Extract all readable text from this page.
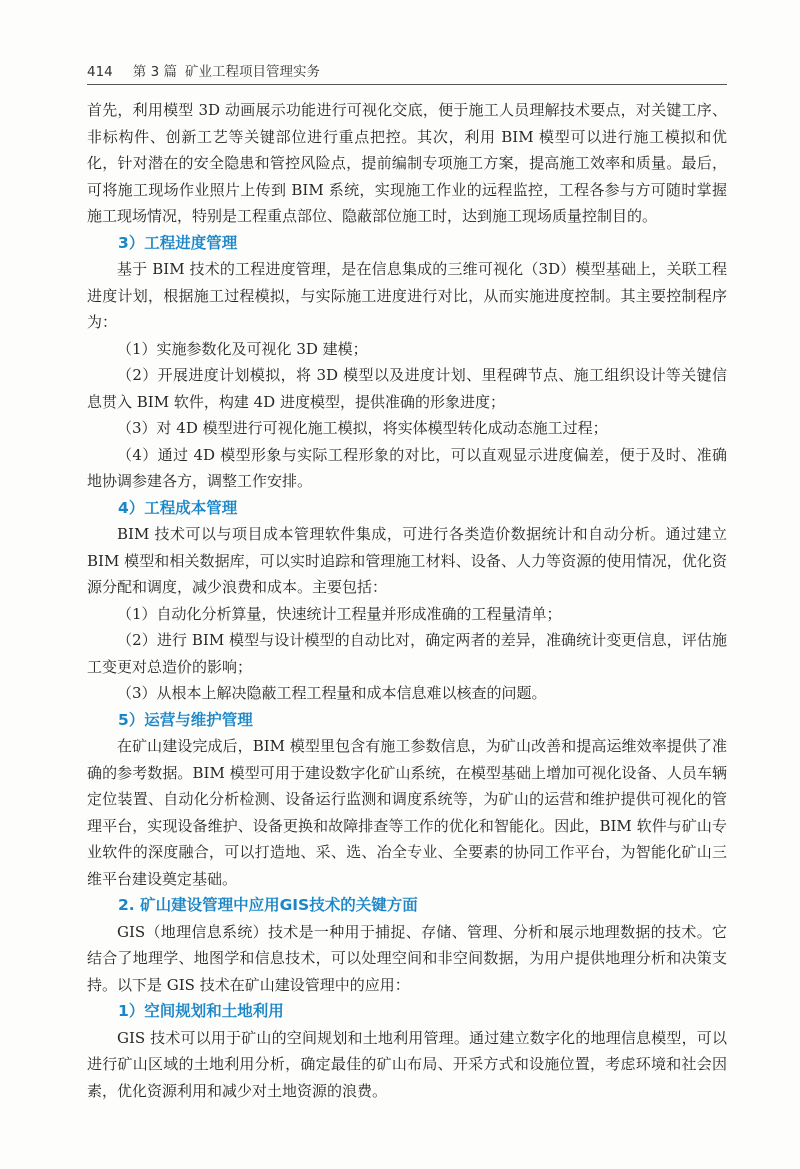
414 第 3 篇 矿业工程项目管理实务

首先，利用模型 3D 动画展示功能进行可视化交底，便于施工人员理解技术要点，对关键工序、非标构件、创新工艺等关键部位进行重点把控。其次，利用 BIM 模型可以进行施工模拟和优化，针对潜在的安全隐患和管控风险点，提前编制专项施工方案，提高施工效率和质量。最后，可将施工现场作业照片上传到 BIM 系统，实现施工作业的远程监控，工程各参与方可随时掌握施工现场情况，特别是工程重点部位、隐蔽部位施工时，达到施工现场质量控制目的。

3）工程进度管理

基于 BIM 技术的工程进度管理，是在信息集成的三维可视化（3D）模型基础上，关联工程进度计划，根据施工过程模拟，与实际施工进度进行对比，从而实施进度控制。其主要控制程序为：

（1）实施参数化及可视化 3D 建模；

（2）开展进度计划模拟，将 3D 模型以及进度计划、里程碑节点、施工组织设计等关键信息贯入 BIM 软件，构建 4D 进度模型，提供准确的形象进度；

（3）对 4D 模型进行可视化施工模拟，将实体模型转化成动态施工过程；

（4）通过 4D 模型形象与实际工程形象的对比，可以直观显示进度偏差，便于及时、准确地协调参建各方，调整工作安排。

4）工程成本管理

BIM 技术可以与项目成本管理软件集成，可进行各类造价数据统计和自动分析。通过建立 BIM 模型和相关数据库，可以实时追踪和管理施工材料、设备、人力等资源的使用情况，优化资源分配和调度，减少浪费和成本。主要包括：

（1）自动化分析算量，快速统计工程量并形成准确的工程量清单；

（2）进行 BIM 模型与设计模型的自动比对，确定两者的差异，准确统计变更信息，评估施工变更对总造价的影响；

（3）从根本上解决隐蔽工程工程量和成本信息难以核查的问题。

5）运营与维护管理

在矿山建设完成后，BIM 模型里包含有施工参数信息，为矿山改善和提高运维效率提供了准确的参考数据。BIM 模型可用于建设数字化矿山系统，在模型基础上增加可视化设备、人员车辆定位装置、自动化分析检测、设备运行监测和调度系统等，为矿山的运营和维护提供可视化的管理平台，实现设备维护、设备更换和故障排查等工作的优化和智能化。因此，BIM 软件与矿山专业软件的深度融合，可以打造地、采、选、冶全专业、全要素的协同工作平台，为智能化矿山三维平台建设奠定基础。

2. 矿山建设管理中应用GIS技术的关键方面

GIS（地理信息系统）技术是一种用于捕捉、存储、管理、分析和展示地理数据的技术。它结合了地理学、地图学和信息技术，可以处理空间和非空间数据，为用户提供地理分析和决策支持。以下是 GIS 技术在矿山建设管理中的应用：

1）空间规划和土地利用

GIS 技术可以用于矿山的空间规划和土地利用管理。通过建立数字化的地理信息模型，可以进行矿山区域的土地利用分析，确定最佳的矿山布局、开采方式和设施位置，考虑环境和社会因素，优化资源利用和减少对土地资源的浪费。
